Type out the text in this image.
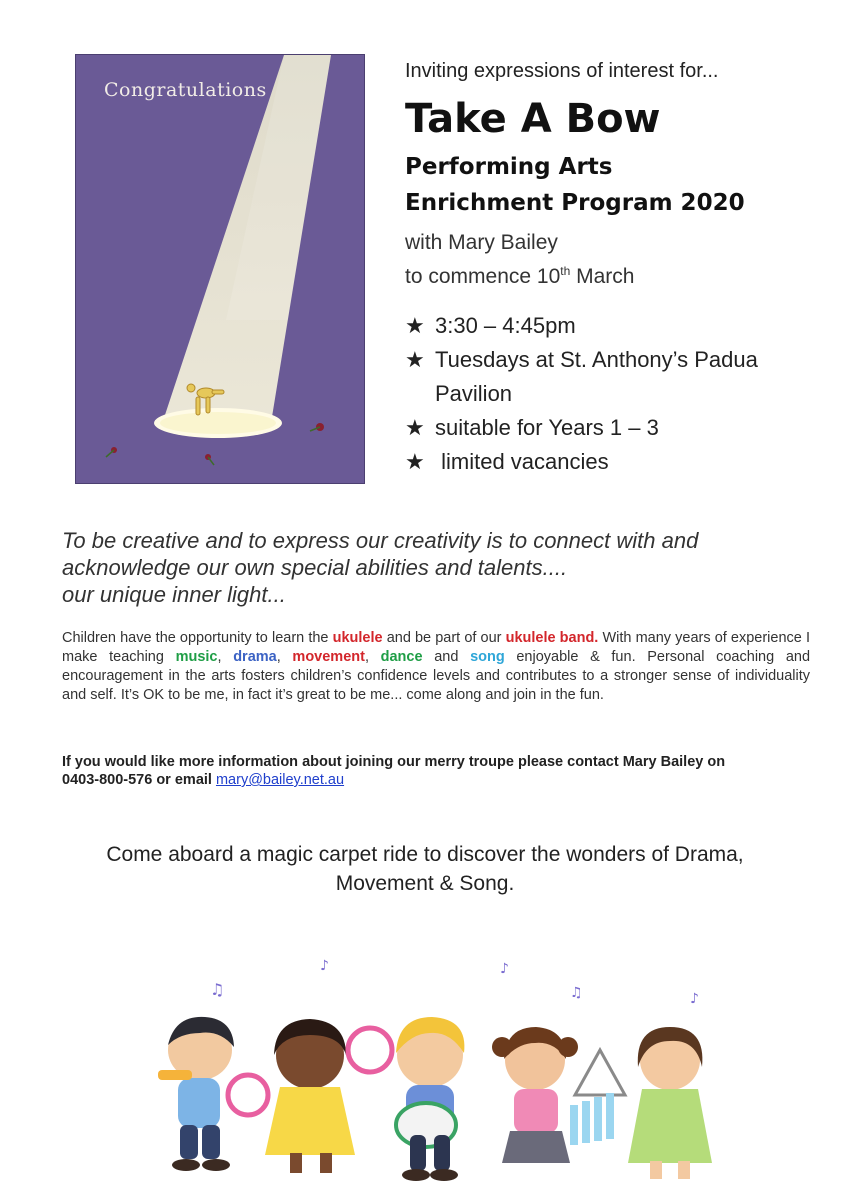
Congratulations

Inviting expressions of interest for...

Take A Bow
Performing Arts
Enrichment Program 2020
with Mary Bailey
to commence 10th March
★ 3:30 – 4:45pm
★ Tuesdays at St. Anthony’s Padua Pavilion
★ suitable for Years 1 – 3
★ limited vacancies
To be creative and to express our creativity is to connect with and
acknowledge our own special abilities and talents....
our unique inner light...
Children have the opportunity to learn the ukulele and be part of our ukulele band. With many years of experience I make teaching music, drama, movement, dance and song enjoyable & fun. Personal coaching and encouragement in the arts fosters children’s confidence levels and contributes to a stronger sense of individuality and self. It’s OK to be me, in fact it’s great to be me... come along and join in the fun.
If you would like more information about joining our merry troupe please contact Mary Bailey on
0403-800-576 or email mary@bailey.net.au
Come aboard a magic carpet ride to discover the wonders of Drama,
Movement & Song.
♫
♪
♫
♪
♪
